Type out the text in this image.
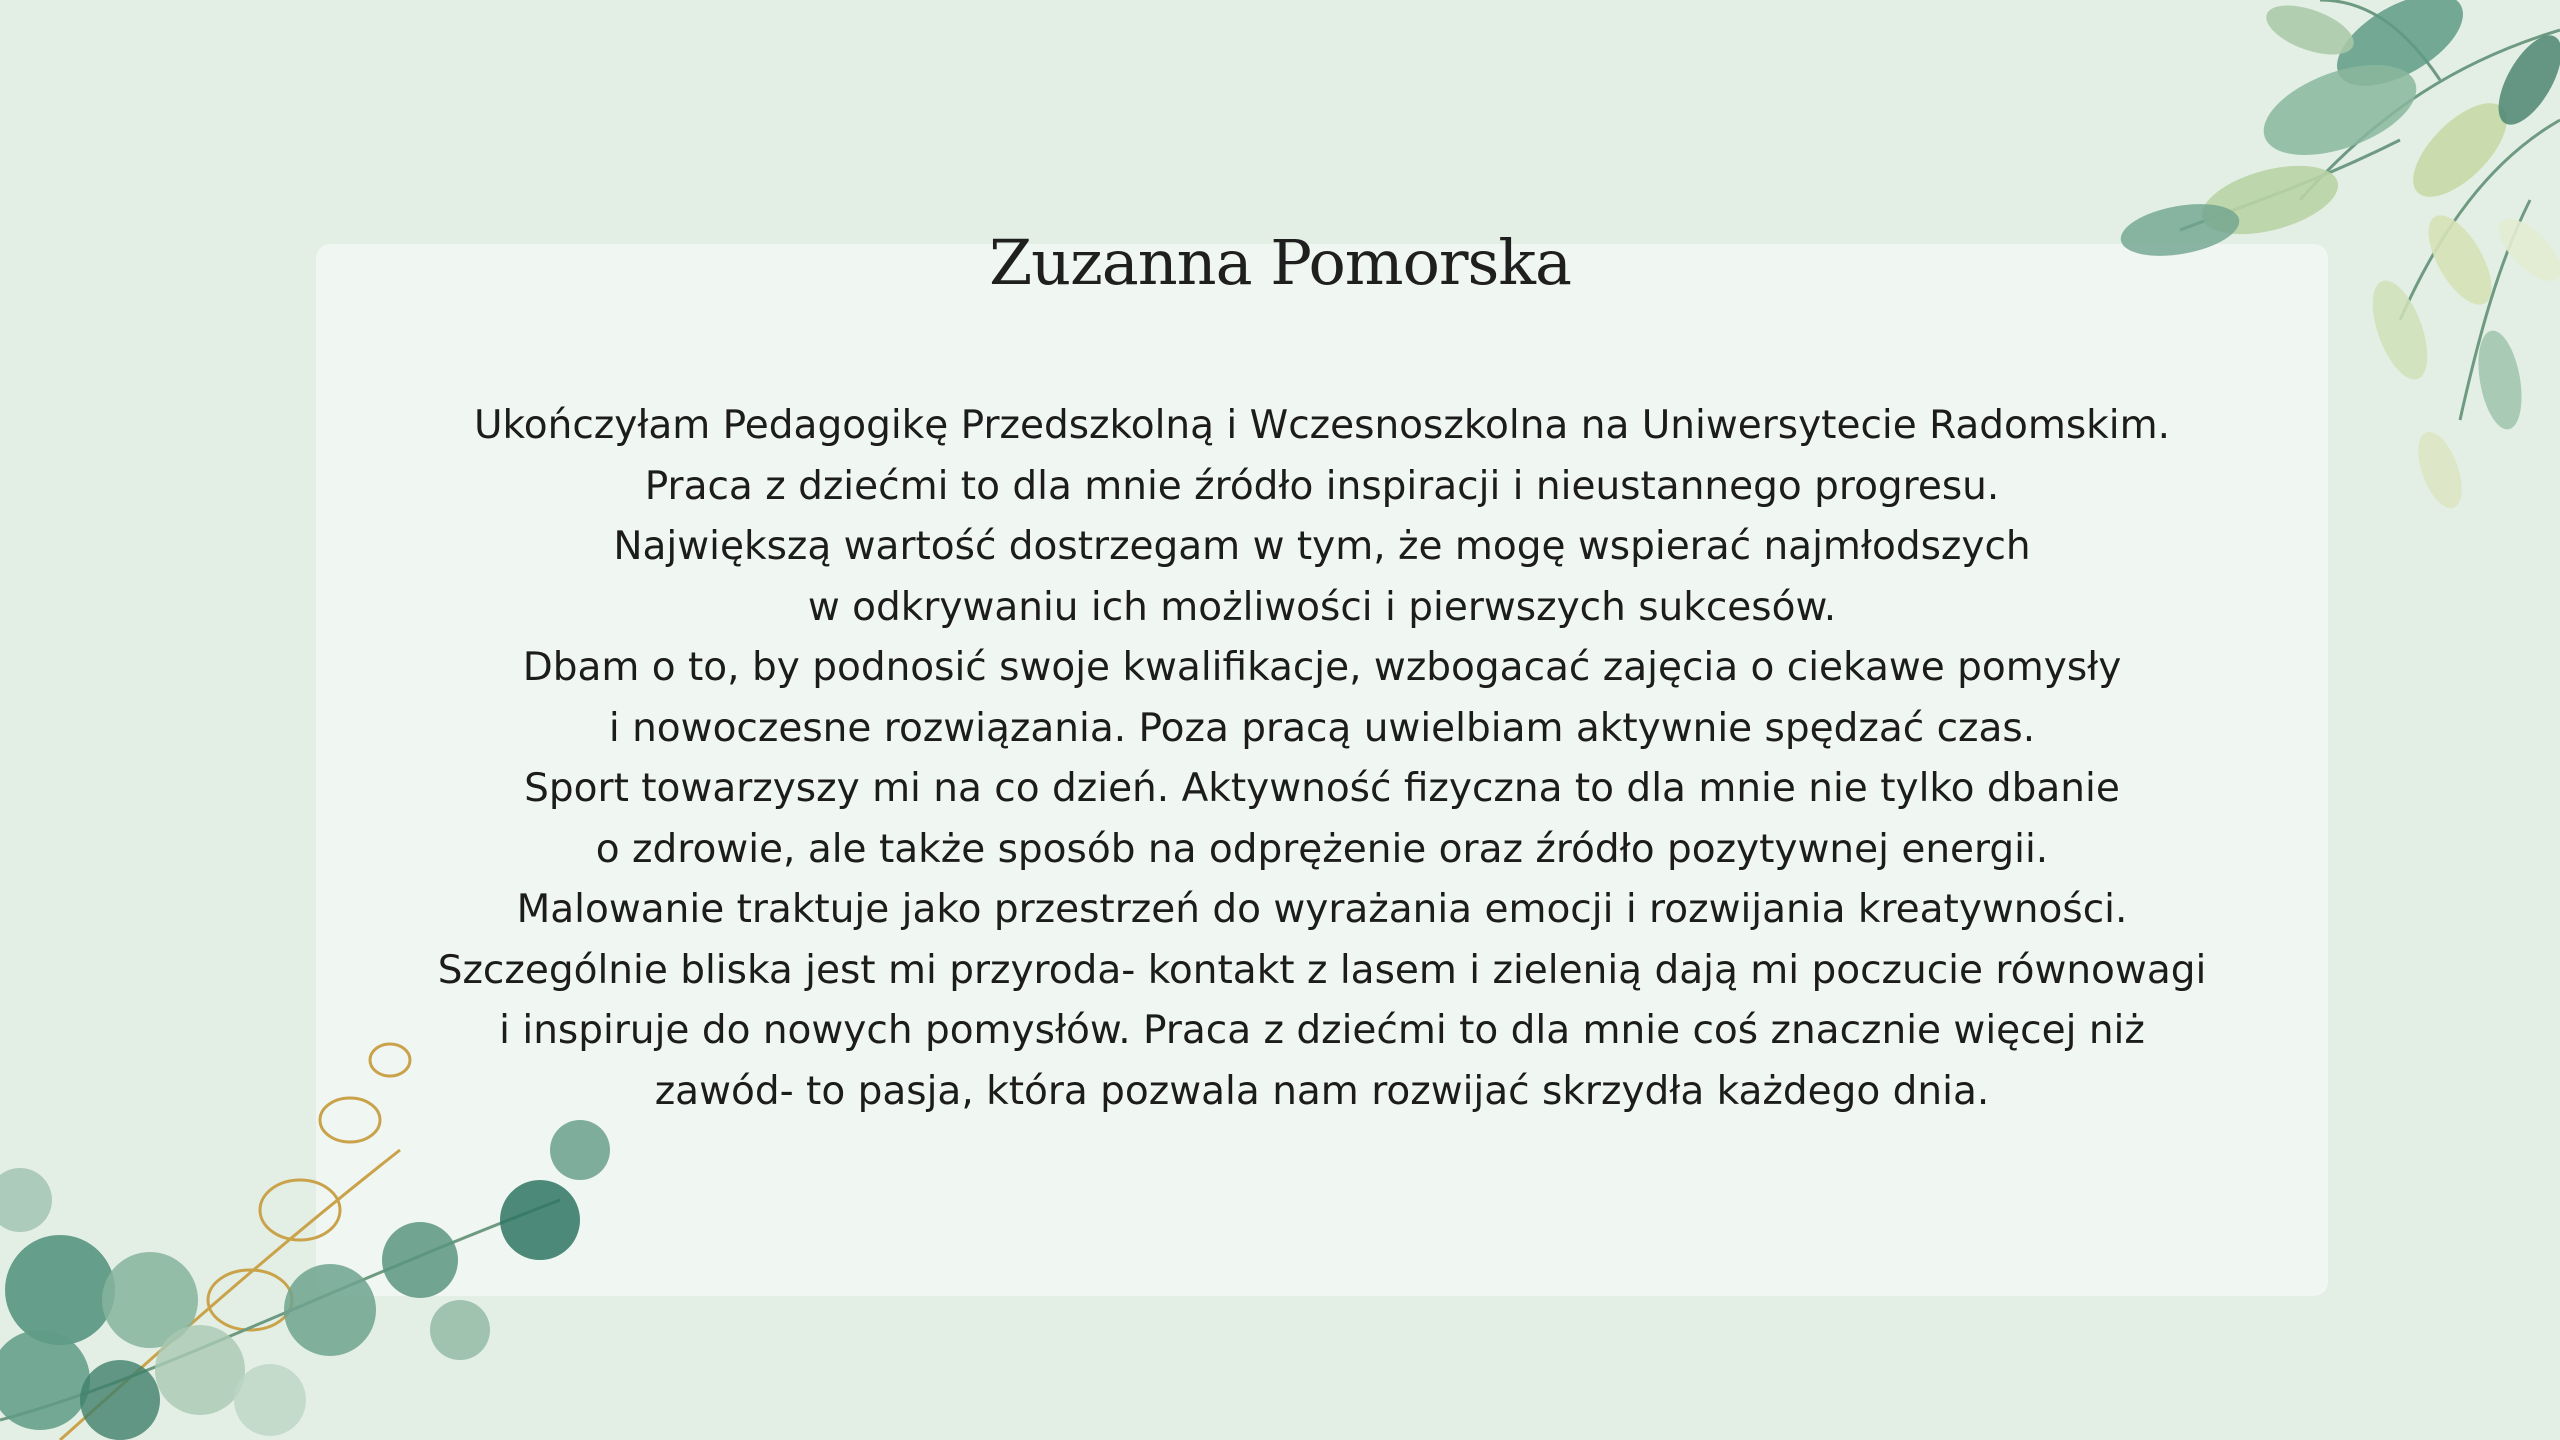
Zuzanna Pomorska
Ukończyłam Pedagogikę Przedszkolną i Wczesnoszkolna na Uniwersytecie Radomskim.
Praca z dziećmi to dla mnie źródło inspiracji i nieustannego progresu.
Największą wartość dostrzegam w tym, że mogę wspierać najmłodszych
w odkrywaniu ich możliwości i pierwszych sukcesów.
Dbam o to, by podnosić swoje kwalifikacje, wzbogacać zajęcia o ciekawe pomysły
i nowoczesne rozwiązania. Poza pracą uwielbiam aktywnie spędzać czas.
Sport towarzyszy mi na co dzień. Aktywność fizyczna to dla mnie nie tylko dbanie
o zdrowie, ale także sposób na odprężenie oraz źródło pozytywnej energii.
Malowanie traktuje jako przestrzeń do wyrażania emocji i rozwijania kreatywności.
Szczególnie bliska jest mi przyroda- kontakt z lasem i zielenią dają mi poczucie równowagi
i inspiruje do nowych pomysłów. Praca z dziećmi to dla mnie coś znacznie więcej niż
zawód- to pasja, która pozwala nam rozwijać skrzydła każdego dnia.
